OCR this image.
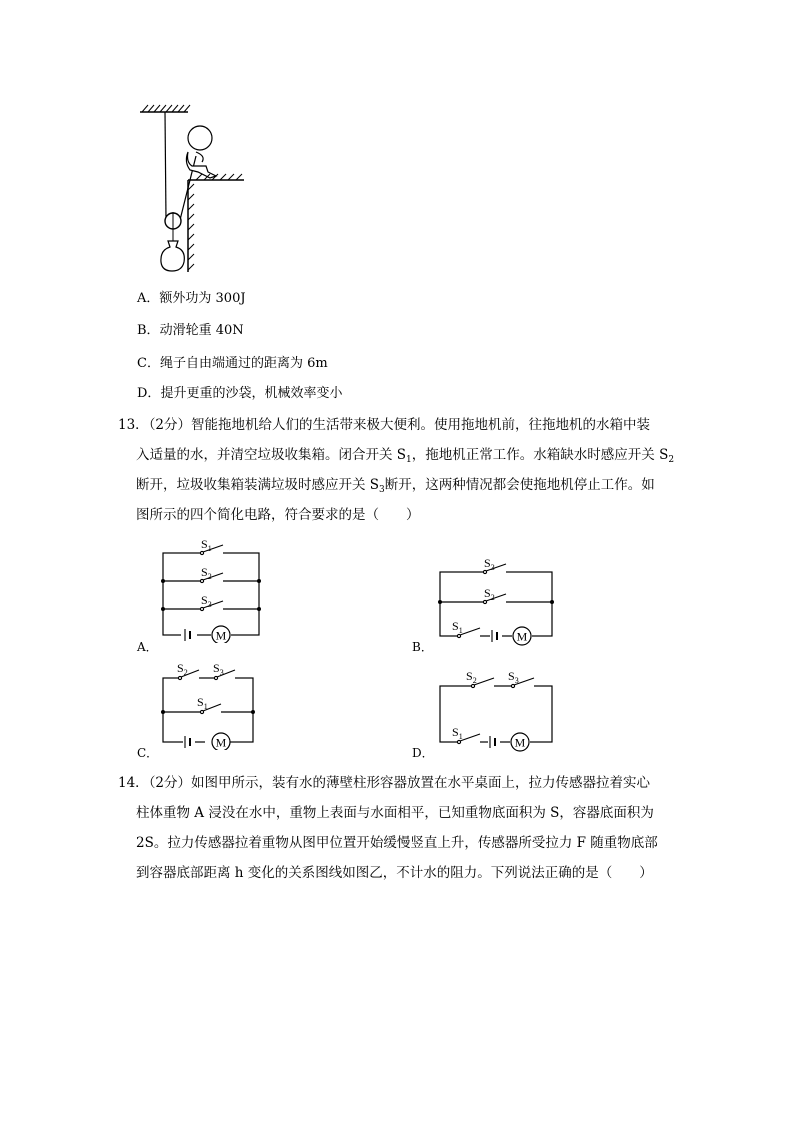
A．额外功为 300J
B．动滑轮重 40N
C．绳子自由端通过的距离为 6m
D．提升更重的沙袋，机械效率变小
13．（2分）智能拖地机给人们的生活带来极大便利。使用拖地机前，往拖地机的水箱中装
入适量的水，并清空垃圾收集箱。闭合开关 $S_1$，拖地机正常工作。水箱缺水时感应开关 $S_2$
断开，垃圾收集箱装满垃圾时感应开关 $S_3$断开，这两种情况都会使拖地机停止工作。如
图所示的四个简化电路，符合要求的是（　　）
M
$S_1$
$S_2$
$S_3$
A．
M
$S_3$
$S_2$
$S_1$
B．
M
$S_2$ $S_3$
$S_1$
C．
M
$S_2$	$S_3$
$S_1$
D．
14．（2分）如图甲所示，装有水的薄壁柱形容器放置在水平桌面上，拉力传感器拉着实心
柱体重物 A 浸没在水中，重物上表面与水面相平，已知重物底面积为 S，容器底面积为
2S。拉力传感器拉着重物从图甲位置开始缓慢竖直上升，传感器所受拉力 F 随重物底部
到容器底部距离 h 变化的关系图线如图乙，不计水的阻力。下列说法正确的是（　　）
